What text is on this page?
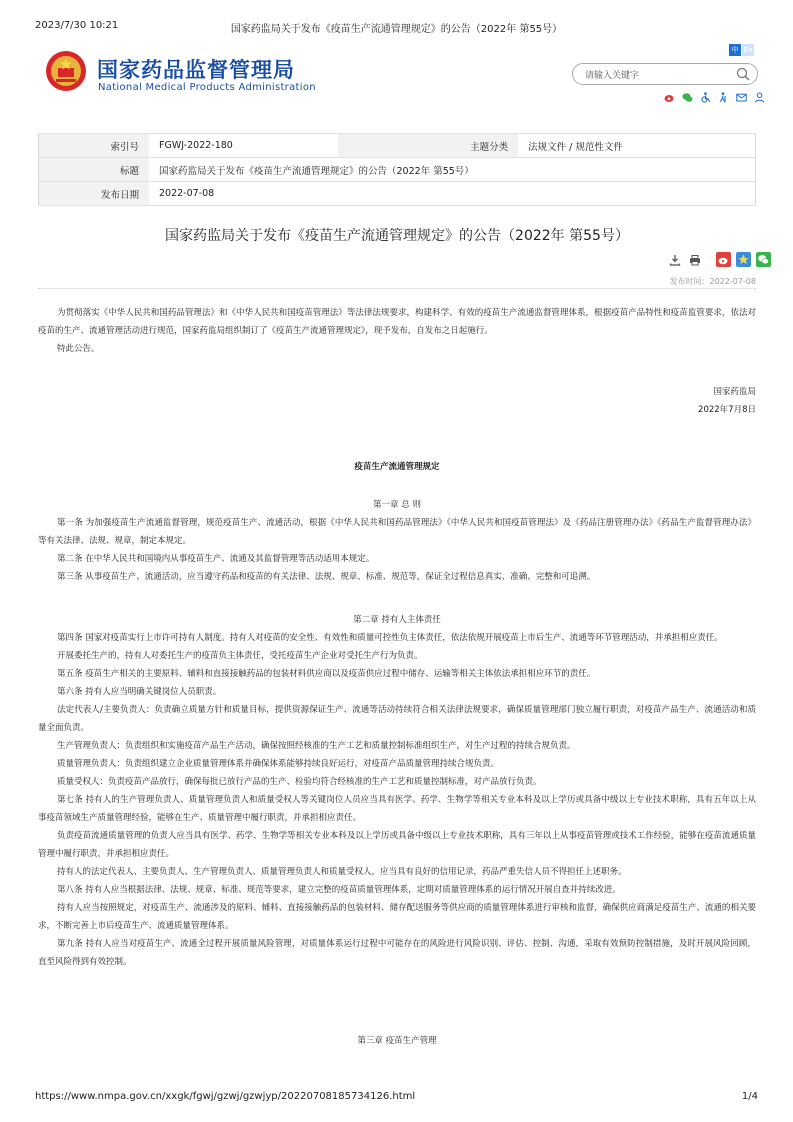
2023/7/30 10:21	国家药监局关于发布《疫苗生产流通管理规定》的公告（2022年 第55号）
国家药品监督管理局
National Medical Products Administration
中 En
请输入关键字

索引号	FGWJ-2022-180	主题分类	法规文件 / 规范性文件
标题	国家药监局关于发布《疫苗生产流通管理规定》的公告（2022年 第55号）		
发布日期	2022-07-08		
国家药监局关于发布《疫苗生产流通管理规定》的公告（2022年 第55号）

发布时间：2022-07-08

为贯彻落实《中华人民共和国药品管理法》和《中华人民共和国疫苗管理法》等法律法规要求，构建科学、有效的疫苗生产流通监督管理体系，根据疫苗产品特性和疫苗监管要求，依法对疫苗的生产、流通管理活动进行规范，国家药监局组织制订了《疫苗生产流通管理规定》，现予发布，自发布之日起施行。

特此公告。

国家药监局

2022年7月8日

疫苗生产流通管理规定

第一章 总 则

第一条 为加强疫苗生产流通监督管理，规范疫苗生产、流通活动，根据《中华人民共和国药品管理法》《中华人民共和国疫苗管理法》及《药品注册管理办法》《药品生产监督管理办法》等有关法律、法规、规章，制定本规定。

第二条 在中华人民共和国境内从事疫苗生产、流通及其监督管理等活动适用本规定。

第三条 从事疫苗生产、流通活动，应当遵守药品和疫苗的有关法律、法规、规章、标准、规范等，保证全过程信息真实、准确、完整和可追溯。

第二章 持有人主体责任

第四条 国家对疫苗实行上市许可持有人制度。持有人对疫苗的安全性、有效性和质量可控性负主体责任，依法依规开展疫苗上市后生产、流通等环节管理活动，并承担相应责任。

开展委托生产的，持有人对委托生产的疫苗负主体责任，受托疫苗生产企业对受托生产行为负责。

第五条 疫苗生产相关的主要原料、辅料和直接接触药品的包装材料供应商以及疫苗供应过程中储存、运输等相关主体依法承担相应环节的责任。

第六条 持有人应当明确关键岗位人员职责。

法定代表人/主要负责人：负责确立质量方针和质量目标，提供资源保证生产、流通等活动持续符合相关法律法规要求，确保质量管理部门独立履行职责，对疫苗产品生产、流通活动和质量全面负责。

生产管理负责人：负责组织和实施疫苗产品生产活动，确保按照经核准的生产工艺和质量控制标准组织生产，对生产过程的持续合规负责。

质量管理负责人：负责组织建立企业质量管理体系并确保体系能够持续良好运行，对疫苗产品质量管理持续合规负责。

质量受权人：负责疫苗产品放行，确保每批已放行产品的生产、检验均符合经核准的生产工艺和质量控制标准，对产品放行负责。

第七条 持有人的生产管理负责人、质量管理负责人和质量受权人等关键岗位人员应当具有医学、药学、生物学等相关专业本科及以上学历或具备中级以上专业技术职称，具有五年以上从事疫苗领域生产质量管理经验，能够在生产、质量管理中履行职责，并承担相应责任。

负责疫苗流通质量管理的负责人应当具有医学、药学、生物学等相关专业本科及以上学历或具备中级以上专业技术职称，具有三年以上从事疫苗管理或技术工作经验，能够在疫苗流通质量管理中履行职责，并承担相应责任。

持有人的法定代表人、主要负责人、生产管理负责人、质量管理负责人和质量受权人，应当具有良好的信用记录，药品严重失信人员不得担任上述职务。

第八条 持有人应当根据法律、法规、规章、标准、规范等要求，建立完整的疫苗质量管理体系，定期对质量管理体系的运行情况开展自查并持续改进。

持有人应当按照规定，对疫苗生产、流通涉及的原料、辅料、直接接触药品的包装材料、储存配送服务等供应商的质量管理体系进行审核和监督，确保供应商满足疫苗生产、流通的相关要求，不断完善上市后疫苗生产、流通质量管理体系。

第九条 持有人应当对疫苗生产、流通全过程开展质量风险管理，对质量体系运行过程中可能存在的风险进行风险识别、评估、控制、沟通，采取有效预防控制措施，及时开展风险回顾，直至风险得到有效控制。

第三章 疫苗生产管理

https://www.nmpa.gov.cn/xxgk/fgwj/gzwj/gzwjyp/20220708185734126.html	1/4
